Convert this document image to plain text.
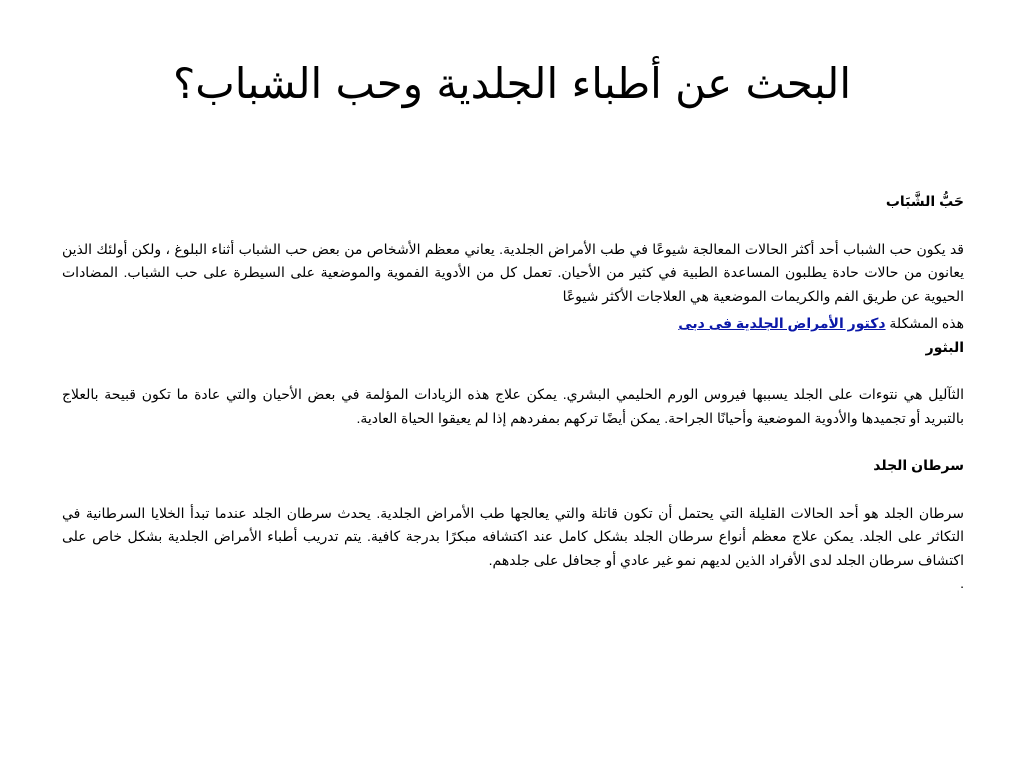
البحث عن أطباء الجلدية وحب الشباب؟

حَبُّ الشَّبَاب

قد يكون حب الشباب أحد أكثر الحالات المعالجة شيوعًا في طب الأمراض الجلدية. يعاني معظم الأشخاص من بعض حب الشباب أثناء البلوغ ، ولكن أولئك الذين يعانون من حالات حادة يطلبون المساعدة الطبية في كثير من الأحيان. تعمل كل من الأدوية الفموية والموضعية على السيطرة على حب الشباب. المضادات الحيوية عن طريق الفم والكريمات الموضعية هي العلاجات الأكثر شيوعًا

هذه المشكلة دكتور الأمراض الجلدية فى دبى

البثور

الثآليل هي نتوءات على الجلد يسببها فيروس الورم الحليمي البشري. يمكن علاج هذه الزيادات المؤلمة في بعض الأحيان والتي عادة ما تكون قبيحة بالعلاج بالتبريد أو تجميدها والأدوية الموضعية وأحيانًا الجراحة. يمكن أيضًا تركهم بمفردهم إذا لم يعيقوا الحياة العادية.

سرطان الجلد

سرطان الجلد هو أحد الحالات القليلة التي يحتمل أن تكون قاتلة والتي يعالجها طب الأمراض الجلدية. يحدث سرطان الجلد عندما تبدأ الخلايا السرطانية في التكاثر على الجلد. يمكن علاج معظم أنواع سرطان الجلد بشكل كامل عند اكتشافه مبكرًا بدرجة كافية. يتم تدريب أطباء الأمراض الجلدية بشكل خاص على اكتشاف سرطان الجلد لدى الأفراد الذين لديهم نمو غير عادي أو جحافل على جلدهم.

.
